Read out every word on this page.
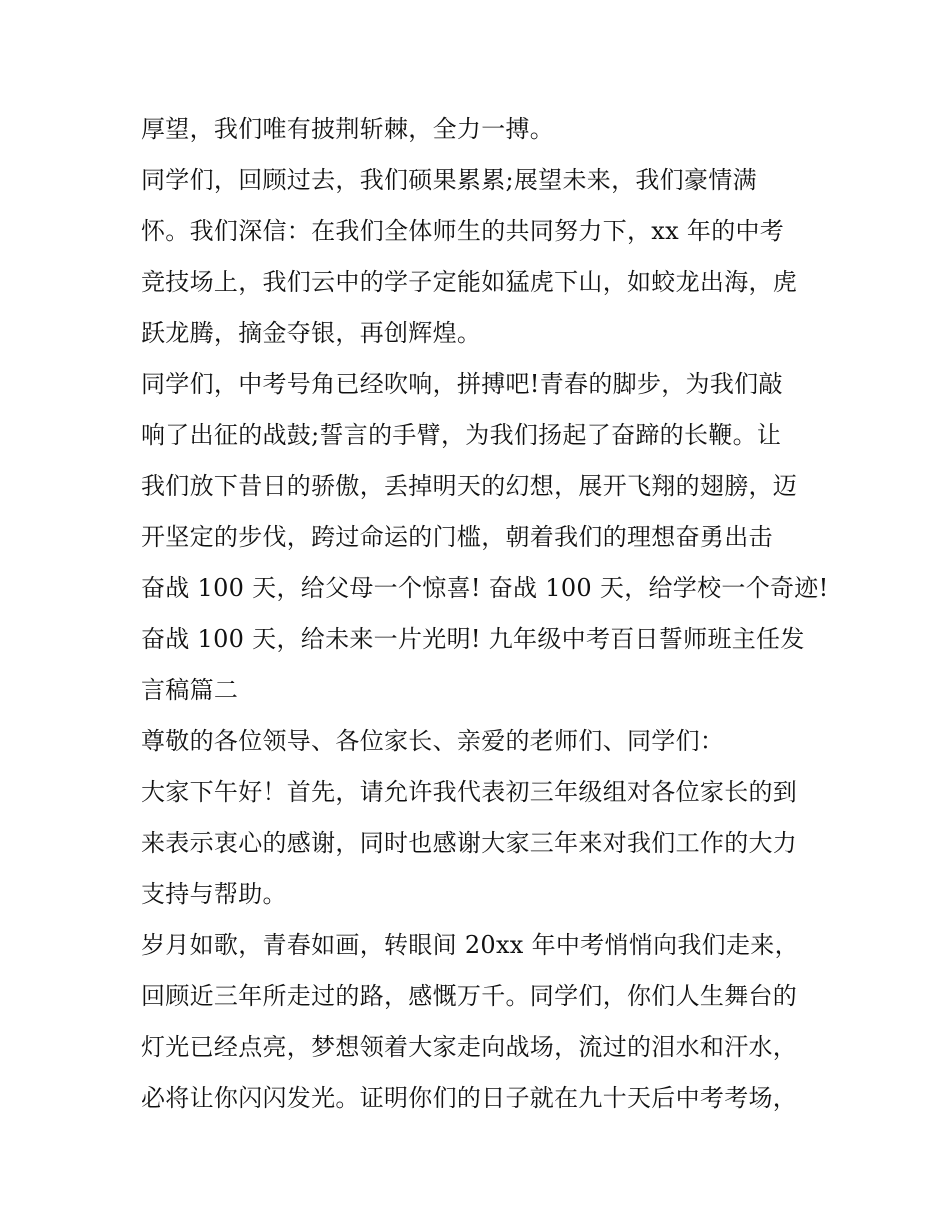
厚望，我们唯有披荆斩棘，全力一搏。
同学们，回顾过去，我们硕果累累;展望未来，我们豪情满
怀。我们深信：在我们全体师生的共同努力下，xx 年的中考
竞技场上，我们云中的学子定能如猛虎下山，如蛟龙出海，虎
跃龙腾，摘金夺银，再创辉煌。
同学们，中考号角已经吹响，拼搏吧!青春的脚步，为我们敲
响了出征的战鼓;誓言的手臂，为我们扬起了奋蹄的长鞭。让
我们放下昔日的骄傲，丢掉明天的幻想，展开飞翔的翅膀，迈
开坚定的步伐，跨过命运的门槛，朝着我们的理想奋勇出击
奋战 100 天，给父母一个惊喜! 奋战 100 天，给学校一个奇迹!
奋战 100 天，给未来一片光明! 九年级中考百日誓师班主任发
言稿篇二
尊敬的各位领导、各位家长、亲爱的老师们、同学们：
大家下午好！首先，请允许我代表初三年级组对各位家长的到
来表示衷心的感谢，同时也感谢大家三年来对我们工作的大力
支持与帮助。
岁月如歌，青春如画，转眼间 20xx 年中考悄悄向我们走来，
回顾近三年所走过的路，感慨万千。同学们，你们人生舞台的
灯光已经点亮，梦想领着大家走向战场，流过的泪水和汗水，
必将让你闪闪发光。证明你们的日子就在九十天后中考考场，
